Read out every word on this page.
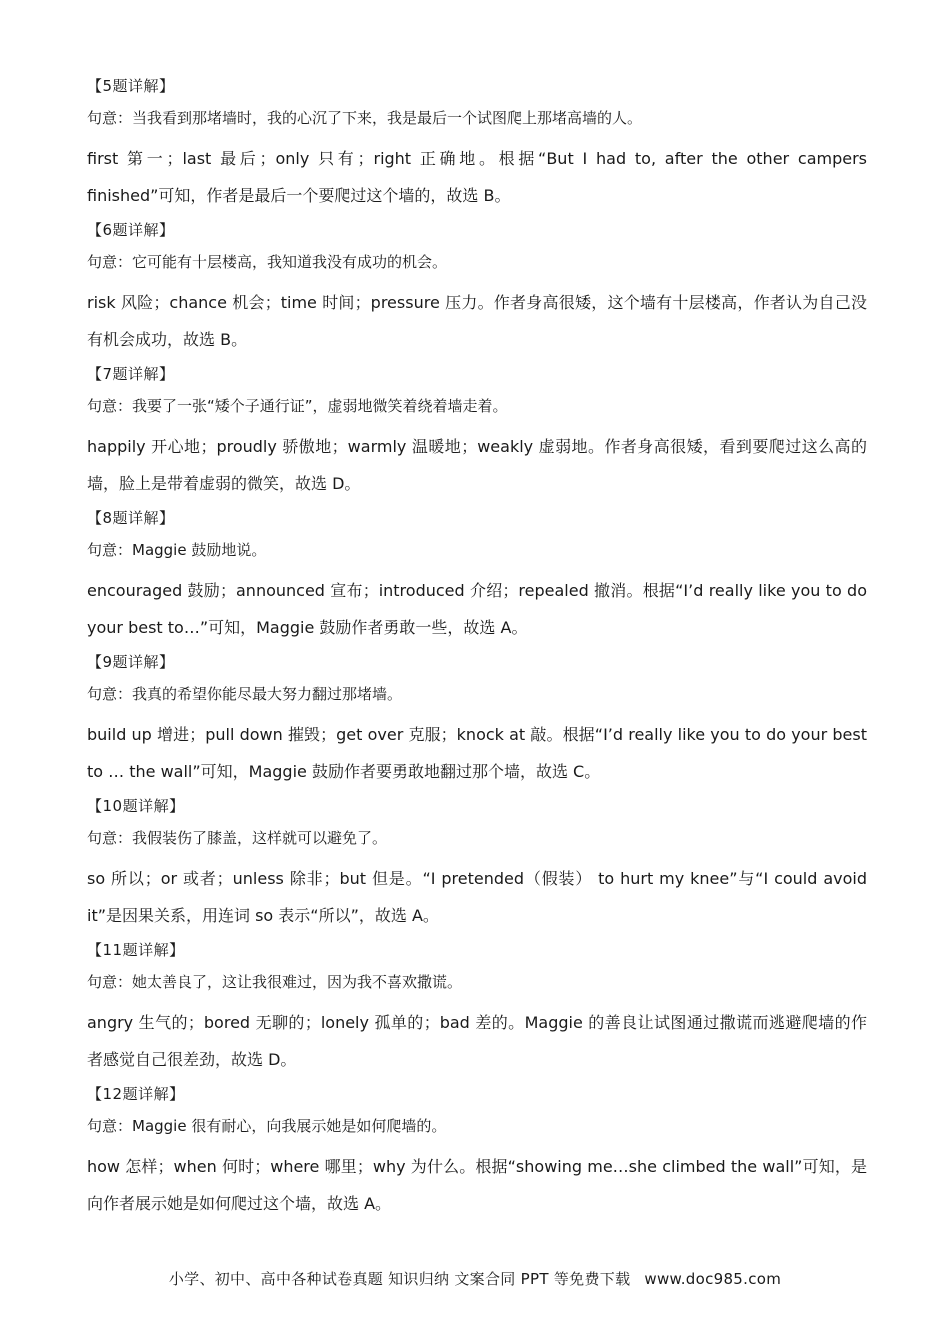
【5题详解】
句意：当我看到那堵墙时，我的心沉了下来，我是最后一个试图爬上那堵高墙的人。
first 第一；last 最后；only 只有；right 正确地。根据“But I had to, after the other campers finished”可知，作者是最后一个要爬过这个墙的，故选 B。
【6题详解】
句意：它可能有十层楼高，我知道我没有成功的机会。
risk 风险；chance 机会；time 时间；pressure 压力。作者身高很矮，这个墙有十层楼高，作者认为自己没有机会成功，故选 B。
【7题详解】
句意：我要了一张“矮个子通行证”，虚弱地微笑着绕着墙走着。
happily 开心地；proudly 骄傲地；warmly 温暖地；weakly 虚弱地。作者身高很矮，看到要爬过这么高的墙，脸上是带着虚弱的微笑，故选 D。
【8题详解】
句意：Maggie 鼓励地说。
encouraged 鼓励；announced 宣布；introduced 介绍；repealed 撤消。根据“I’d really like you to do your best to…”可知，Maggie 鼓励作者勇敢一些，故选 A。
【9题详解】
句意：我真的希望你能尽最大努力翻过那堵墙。
build up 增进；pull down 摧毁；get over 克服；knock at 敲。根据“I’d really like you to do your best to … the wall”可知，Maggie 鼓励作者要勇敢地翻过那个墙，故选 C。
【10题详解】
句意：我假装伤了膝盖，这样就可以避免了。
so 所以；or 或者；unless 除非；but 但是。“I pretended（假装） to hurt my knee”与“I could avoid it”是因果关系，用连词 so 表示“所以”，故选 A。
【11题详解】
句意：她太善良了，这让我很难过，因为我不喜欢撒谎。
angry 生气的；bored 无聊的；lonely 孤单的；bad 差的。Maggie 的善良让试图通过撒谎而逃避爬墙的作者感觉自己很差劲，故选 D。
【12题详解】
句意：Maggie 很有耐心，向我展示她是如何爬墙的。
how 怎样；when 何时；where 哪里；why 为什么。根据“showing me…she climbed the wall”可知，是向作者展示她是如何爬过这个墙，故选 A。
小学、初中、高中各种试卷真题 知识归纳 文案合同 PPT 等免费下载 www.doc985.com
